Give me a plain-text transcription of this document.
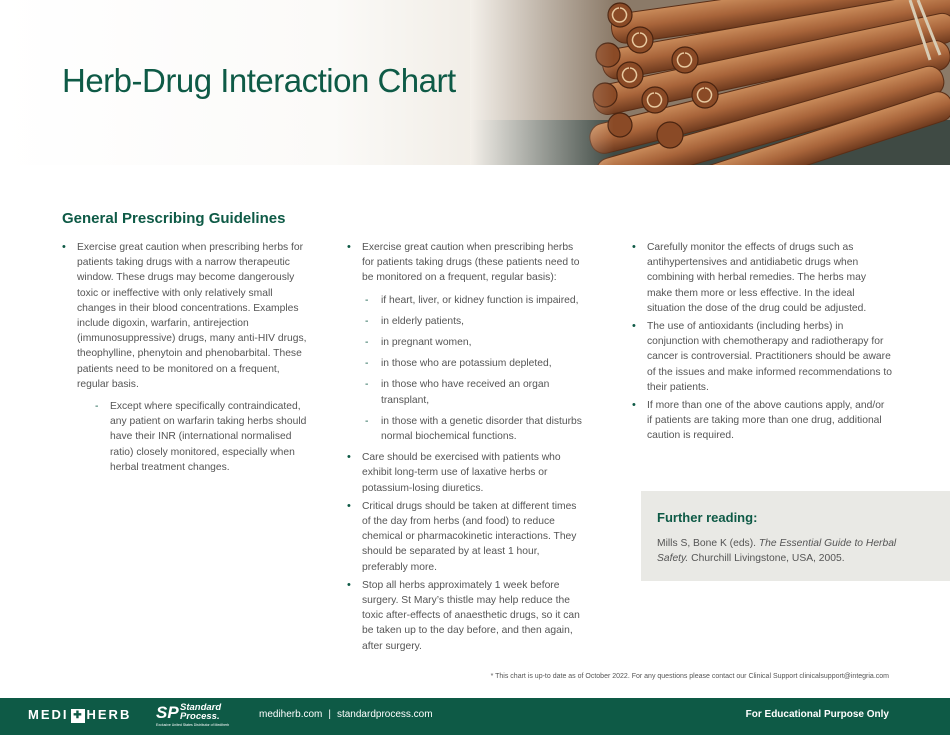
Herb-Drug Interaction Chart
General Prescribing Guidelines
• Exercise great caution when prescribing herbs for patients taking drugs with a narrow therapeutic window. These drugs may become dangerously toxic or ineffective with only relatively small changes in their blood concentrations. Examples include digoxin, warfarin, antirejection (immunosuppressive) drugs, many anti-HIV drugs, theophylline, phenytoin and phenobarbital. These patients need to be monitored on a frequent, regular basis.
- Except where specifically contraindicated, any patient on warfarin taking herbs should have their INR (international normalised ratio) closely monitored, especially when herbal treatment changes.
• Exercise great caution when prescribing herbs for patients taking drugs (these patients need to be monitored on a frequent, regular basis):
- if heart, liver, or kidney function is impaired,
- in elderly patients,
- in pregnant women,
- in those who are potassium depleted,
- in those who have received an organ transplant,
- in those with a genetic disorder that disturbs normal biochemical functions.
• Care should be exercised with patients who exhibit long-term use of laxative herbs or potassium-losing diuretics.
• Critical drugs should be taken at different times of the day from herbs (and food) to reduce chemical or pharmacokinetic interactions. They should be separated by at least 1 hour, preferably more.
• Stop all herbs approximately 1 week before surgery. St Mary’s thistle may help reduce the toxic after-effects of anaesthetic drugs, so it can be taken up to the day before, and then again, after surgery.
• Carefully monitor the effects of drugs such as antihypertensives and antidiabetic drugs when combining with herbal remedies. The herbs may make them more or less effective. In the ideal situation the dose of the drug could be adjusted.
• The use of antioxidants (including herbs) in conjunction with chemotherapy and radiotherapy for cancer is controversial. Practitioners should be aware of the issues and make informed recommendations to their patients.
• If more than one of the above cautions apply, and/or if patients are taking more than one drug, additional caution is required.
Further reading:

Mills S, Bone K (eds). The Essential Guide to Herbal Safety. Churchill Livingstone, USA, 2005.

* This chart is up-to date as of October 2022. For any questions please contact our Clinical Support clinicalsupport@integria.com
MEDI ✚ HERB SP Standard
Process.
Exclusive United States Distributor of Mediherb
mediherb.com | standardprocess.com	For Educational Purpose Only
